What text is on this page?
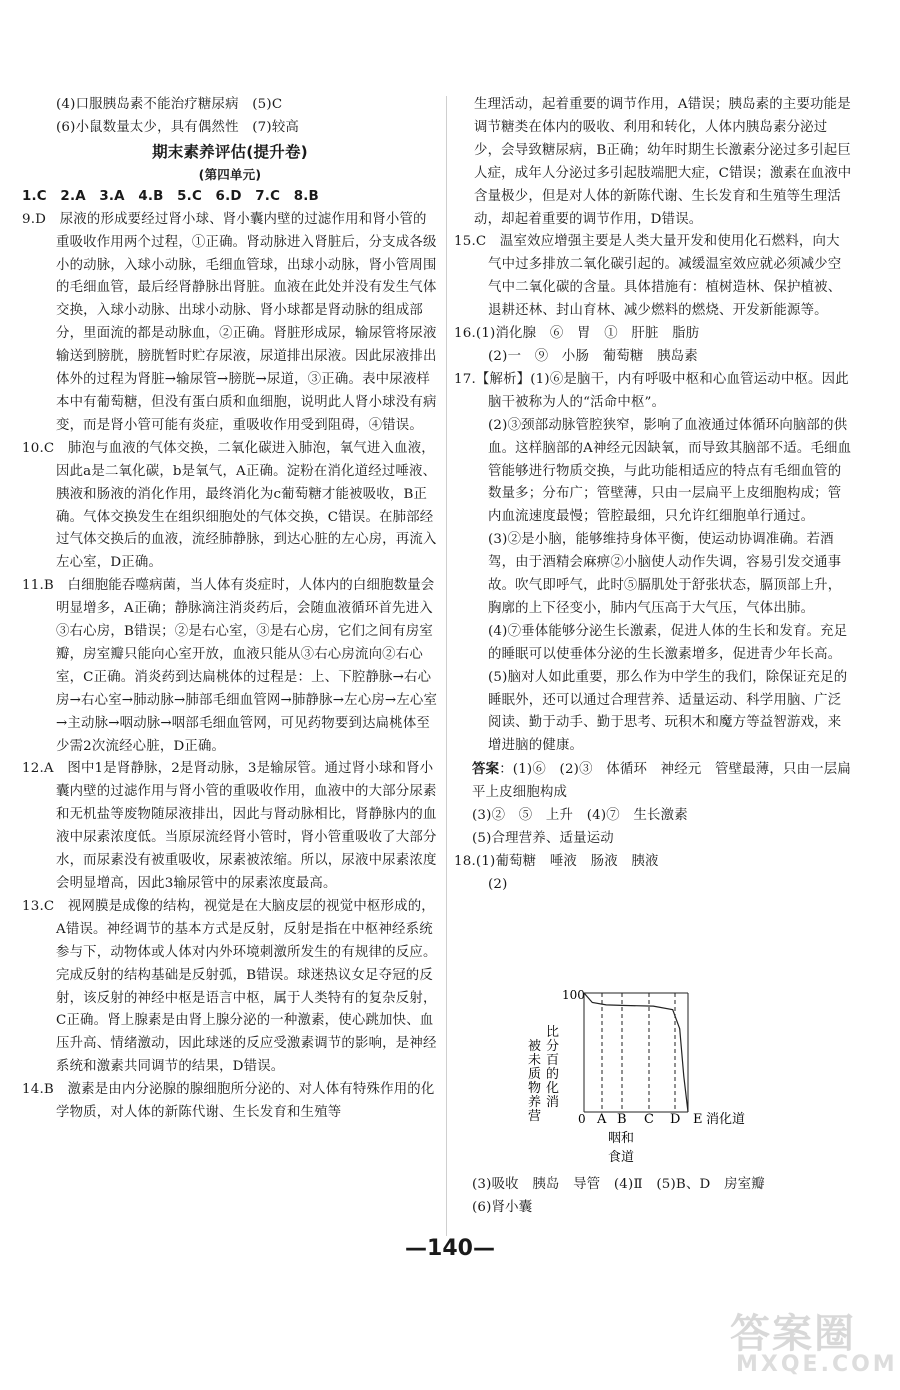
(4)口服胰岛素不能治疗糖尿病　(5)C

(6)小鼠数量太少，具有偶然性　(7)较高

期末素养评估(提升卷)

(第四单元)

1.C　2.A　3.A　4.B　5.C　6.D　7.C　8.B

9.D　尿液的形成要经过肾小球、肾小囊内壁的过滤作用和肾小管的重吸收作用两个过程，①正确。肾动脉进入肾脏后，分支成各级小的动脉，入球小动脉，毛细血管球，出球小动脉，肾小管周围的毛细血管，最后经肾静脉出肾脏。血液在此处并没有发生气体交换，入球小动脉、出球小动脉、肾小球都是肾动脉的组成部分，里面流的都是动脉血，②正确。肾脏形成尿，输尿管将尿液输送到膀胱，膀胱暂时贮存尿液，尿道排出尿液。因此尿液排出体外的过程为肾脏→输尿管→膀胱→尿道，③正确。表中尿液样本中有葡萄糖，但没有蛋白质和血细胞，说明此人肾小球没有病变，而是肾小管可能有炎症，重吸收作用受到阻碍，④错误。

10.C　肺泡与血液的气体交换，二氧化碳进入肺泡，氧气进入血液，因此a是二氧化碳，b是氧气，A正确。淀粉在消化道经过唾液、胰液和肠液的消化作用，最终消化为c葡萄糖才能被吸收，B正确。气体交换发生在组织细胞处的气体交换，C错误。在肺部经过气体交换后的血液，流经肺静脉，到达心脏的左心房，再流入左心室，D正确。

11.B　白细胞能吞噬病菌，当人体有炎症时，人体内的白细胞数量会明显增多，A正确；静脉滴注消炎药后，会随血液循环首先进入③右心房，B错误；②是右心室，③是右心房，它们之间有房室瓣，房室瓣只能向心室开放，血液只能从③右心房流向②右心室，C正确。消炎药到达扁桃体的过程是：上、下腔静脉→右心房→右心室→肺动脉→肺部毛细血管网→肺静脉→左心房→左心室→主动脉→咽动脉→咽部毛细血管网，可见药物要到达扁桃体至少需2次流经心脏，D正确。

12.A　图中1是肾静脉，2是肾动脉，3是输尿管。通过肾小球和肾小囊内壁的过滤作用与肾小管的重吸收作用，血液中的大部分尿素和无机盐等废物随尿液排出，因此与肾动脉相比，肾静脉内的血液中尿素浓度低。当原尿流经肾小管时，肾小管重吸收了大部分水，而尿素没有被重吸收，尿素被浓缩。所以，尿液中尿素浓度会明显增高，因此3输尿管中的尿素浓度最高。

13.C　视网膜是成像的结构，视觉是在大脑皮层的视觉中枢形成的，A错误。神经调节的基本方式是反射，反射是指在中枢神经系统参与下，动物体或人体对内外环境刺激所发生的有规律的反应。完成反射的结构基础是反射弧，B错误。球迷热议女足夺冠的反射，该反射的神经中枢是语言中枢，属于人类特有的复杂反射，C正确。肾上腺素是由肾上腺分泌的一种激素，使心跳加快、血压升高、情绪激动，因此球迷的反应受激素调节的影响，是神经系统和激素共同调节的结果，D错误。

14.B　激素是由内分泌腺的腺细胞所分泌的、对人体有特殊作用的化学物质，对人体的新陈代谢、生长发育和生殖等

生理活动，起着重要的调节作用，A错误；胰岛素的主要功能是调节糖类在体内的吸收、利用和转化，人体内胰岛素分泌过少，会导致糖尿病，B正确；幼年时期生长激素分泌过多引起巨人症，成年人分泌过多引起肢端肥大症，C错误；激素在血液中含量极少，但是对人体的新陈代谢、生长发育和生殖等生理活动，却起着重要的调节作用，D错误。

15.C　温室效应增强主要是人类大量开发和使用化石燃料，向大气中过多排放二氧化碳引起的。减缓温室效应就必须减少空气中二氧化碳的含量。具体措施有：植树造林、保护植被、退耕还林、封山育林、减少燃料的燃烧、开发新能源等。

16.(1)消化腺　⑥　胃　①　肝脏　脂肪

(2)一　⑨　小肠　葡萄糖　胰岛素

17.【解析】(1)⑥是脑干，内有呼吸中枢和心血管运动中枢。因此脑干被称为人的“活命中枢”。

(2)③颈部动脉管腔狭窄，影响了血液通过体循环向脑部的供血。这样脑部的A神经元因缺氧，而导致其脑部不适。毛细血管能够进行物质交换，与此功能相适应的特点有毛细血管的数量多；分布广；管壁薄，只由一层扁平上皮细胞构成；管内血流速度最慢；管腔最细，只允许红细胞单行通过。

(3)②是小脑，能够维持身体平衡，使运动协调准确。若酒驾，由于酒精会麻痹②小脑使人动作失调，容易引发交通事故。吹气即呼气，此时⑤膈肌处于舒张状态，膈顶部上升，胸廓的上下径变小，肺内气压高于大气压，气体出肺。

(4)⑦垂体能够分泌生长激素，促进人体的生长和发育。充足的睡眠可以使垂体分泌的生长激素增多，促进青少年长高。

(5)脑对人如此重要，那么作为中学生的我们，除保证充足的睡眠外，还可以通过合理营养、适量运动、科学用脑、广泛阅读、勤于动手、勤于思考、玩积木和魔方等益智游戏，来增进脑的健康。

答案：(1)⑥　(2)③　体循环　神经元　管壁最薄，只由一层扁平上皮细胞构成

(3)②　⑤　上升　(4)⑦　生长激素

(5)合理营养、适量运动

18.(1)葡萄糖　唾液　肠液　胰液

(2)

营养物质未被
消化的百分比
100
0 A B C D E 消化道
咽和
食道

(3)吸收　胰岛　导管　(4)Ⅱ　(5)B、D　房室瓣

(6)肾小囊

—140—
答案圈
MXQE.COM
